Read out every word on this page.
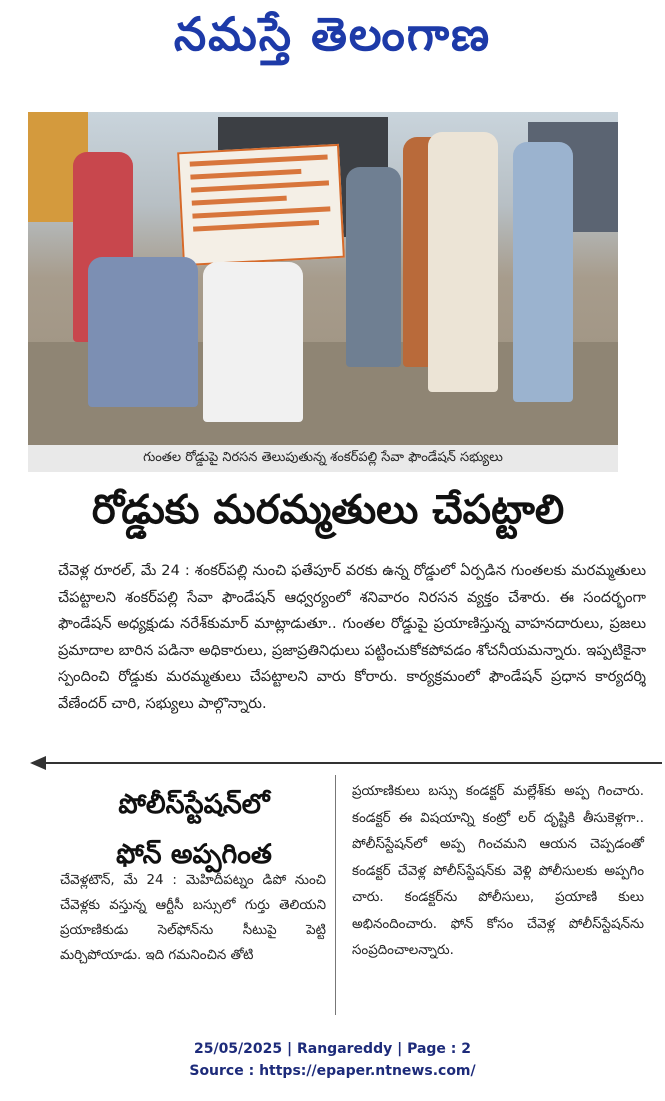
నమస్తే తెలంగాణ
గుంతల రోడ్డుపై నిరసన తెలుపుతున్న శంకర్‌పల్లి సేవా ఫౌండేషన్ సభ్యులు
రోడ్డుకు మరమ్మతులు చేపట్టాలి

చేవెళ్ల రూరల్, మే 24 : శంకర్‌పల్లి నుంచి ఫతేపూర్ వరకు ఉన్న రోడ్డులో ఏర్పడిన గుంతలకు మరమ్మతులు చేపట్టాలని శంకర్‌పల్లి సేవా ఫౌండేషన్ ఆధ్వర్యంలో శనివారం నిరసన వ్యక్తం చేశారు. ఈ సందర్భంగా ఫౌండేషన్ అధ్యక్షుడు నరేశ్‌కుమార్ మాట్లాడుతూ.. గుంతల రోడ్డుపై ప్రయాణిస్తున్న వాహనదారులు, ప్రజలు ప్రమాదాల బారిన పడినా అధికారులు, ప్రజాప్రతినిధులు పట్టించుకోకపోవడం శోచనీయమన్నారు. ఇప్పటికైనా స్పందించి రోడ్డుకు మరమ్మతులు చేపట్టాలని వారు కోరారు. కార్యక్రమంలో ఫౌండేషన్ ప్రధాన కార్యదర్శి వేణేందర్ చారి, సభ్యులు పాల్గొన్నారు.

పోలీస్‌స్టేషన్‌లో
ఫోన్ అప్పగింత
చేవెళ్లటౌన్, మే 24 : మెహిదీపట్నం డిపో నుంచి చేవెళ్లకు వస్తున్న ఆర్టీసీ బస్సులో గుర్తు తెలియని ప్రయాణికుడు సెల్‌ఫోన్‌ను సీటుపై పెట్టి మర్చిపోయాడు. ఇది గమనించిన తోటి
ప్రయాణికులు బస్సు కండక్టర్ మల్లేశ్‌కు అప్ప గించారు. కండక్టర్ ఈ విషయాన్ని కంట్రో లర్ దృష్టికి తీసుకెళ్లగా.. పోలీస్‌స్టేషన్‌లో అప్ప గించమని ఆయన చెప్పడంతో కండక్టర్ చేవెళ్ల పోలీస్‌స్టేషన్‌కు వెళ్లి పోలీసులకు అప్పగిం చారు. కండక్టర్‌ను పోలీసులు, ప్రయాణి కులు అభినందించారు. ఫోన్ కోసం చేవెళ్ల పోలీస్‌స్టేషన్‌ను సంప్రదించాలన్నారు.
25/05/2025 | Rangareddy | Page : 2
Source : https://epaper.ntnews.com/
